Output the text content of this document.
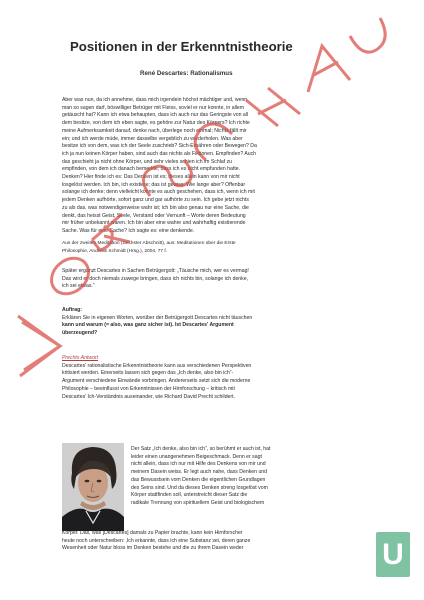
Positionen in der Erkenntnistheorie
René Descartes: Rationalismus
Aber was nun, da ich annehme, dass mich irgendein höchst mächtiger und, wenn
man so sagen darf, böswilliger Betrüger mit Fleiss, soviel er nur konnte, in allem
getäuscht hat? Kann ich etwa behaupten, dass ich auch nur das Geringste von all
dem besitze, von dem ich eben sagte, es gehöre zur Natur des Körpers? Ich richte
meine Aufmerksamkeit darauf, denke nach, überlege noch einmal; Nichts fällt mir
ein; und ich werde müde, immer dasselbe vergeblich zu wiederholen. Was aber
besitze ich von dem, was ich der Seele zuschrieb? Sich-Ernähren oder Bewegen? Da
ich ja nun keinen Körper haben, sind auch das nichts als Fiktionen. Empfinden? Auch
das geschieht ja nicht ohne Körper, und sehr vieles schien ich im Schlaf zu
empfinden, von dem ich danach bemerkte, dass ich es nicht empfunden hatte.
Denken? Hier finde ich es: Das Denken ist es; dieses allein kann von mir nicht
losgelöst werden. Ich bin, ich existiere; das ist gewiss. Wie lange aber? Offenbar
solange ich denke; denn vielleicht könnte es auch geschehen, dass ich, wenn ich mit
jedem Denken aufhörte, sofort ganz und gar aufhörte zu sein. Ich gebe jetzt nichts
zu als das, was notwendigerweise wahr ist; ich bin also genau nur eine Sache, die
denkt, das heisst Geist, Seele, Verstand oder Vernunft – Worte deren Bedeutung
mir früher unbekannt waren. Ich bin aber eine wahre und wahrhaftig existierende
Sache. Was für eine Sache? Ich sagte es: eine denkende.
Aus der zweiten Meditation (Sechster Abschnitt), aus: Meditationen über die Erste
Philosophie, Andreas Schmidt (Hrsg.), 2004, 77 f.
Später ergänzt Descartes in Sachen Betrügergott: „Täusche mich, wer es vermag!
Das wird er doch niemals zuwege bringen, dass ich nichts bin, solange ich denke,
ich sei etwas.“
Auftrag:
Erklären Sie in eigenen Worten, worüber der Betrügergott Descartes nicht täuschen
kann und warum (= also, was ganz sicher ist). Ist Descartes' Argument
überzeugend?
Prechts Antwort
Descartes' rationalistische Erkenntnistheorie kann aus verschiedenen Perspektiven
kritisiert werden. Einerseits lassen sich gegen das „Ich denke, also bin ich“-
Argument verschiedene Einwände vorbringen. Andererseits setzt sich die moderne
Philosophie – beeinflusst von Erkenntnissen der Hirnforschung – kritisch mit
Descartes' Ich-Verständnis auseinander, wie Richard David Precht schildert.
Der Satz „Ich denke, also bin ich“, so berühmt er auch ist, hat
leider einen unangenehmen Beigeschmack. Denn er sagt
nicht allein, dass ich nur mit Hilfe des Denkens von mir und
meinem Dasein weiss. Er legt auch nahe, dass Denken und
das Bewusstsein vom Denken die eigentlichen Grundlagen
des Seins sind. Und da dieses Denken streng losgelöst vom
Körper stattfinden soll, unterstreicht dieser Satz die
radikale Trennung von spirituellem Geist und biologischem
Körper. Das, was [Descartes] damals zu Papier brachte, kann kein Hirnforscher
heute noch unterschreiben: ‚Ich erkannte, dass ich eine Substanz sei, deren ganze
Wesenheit oder Natur bloss im Denken bestehe und die zu ihrem Dasein weder	U
